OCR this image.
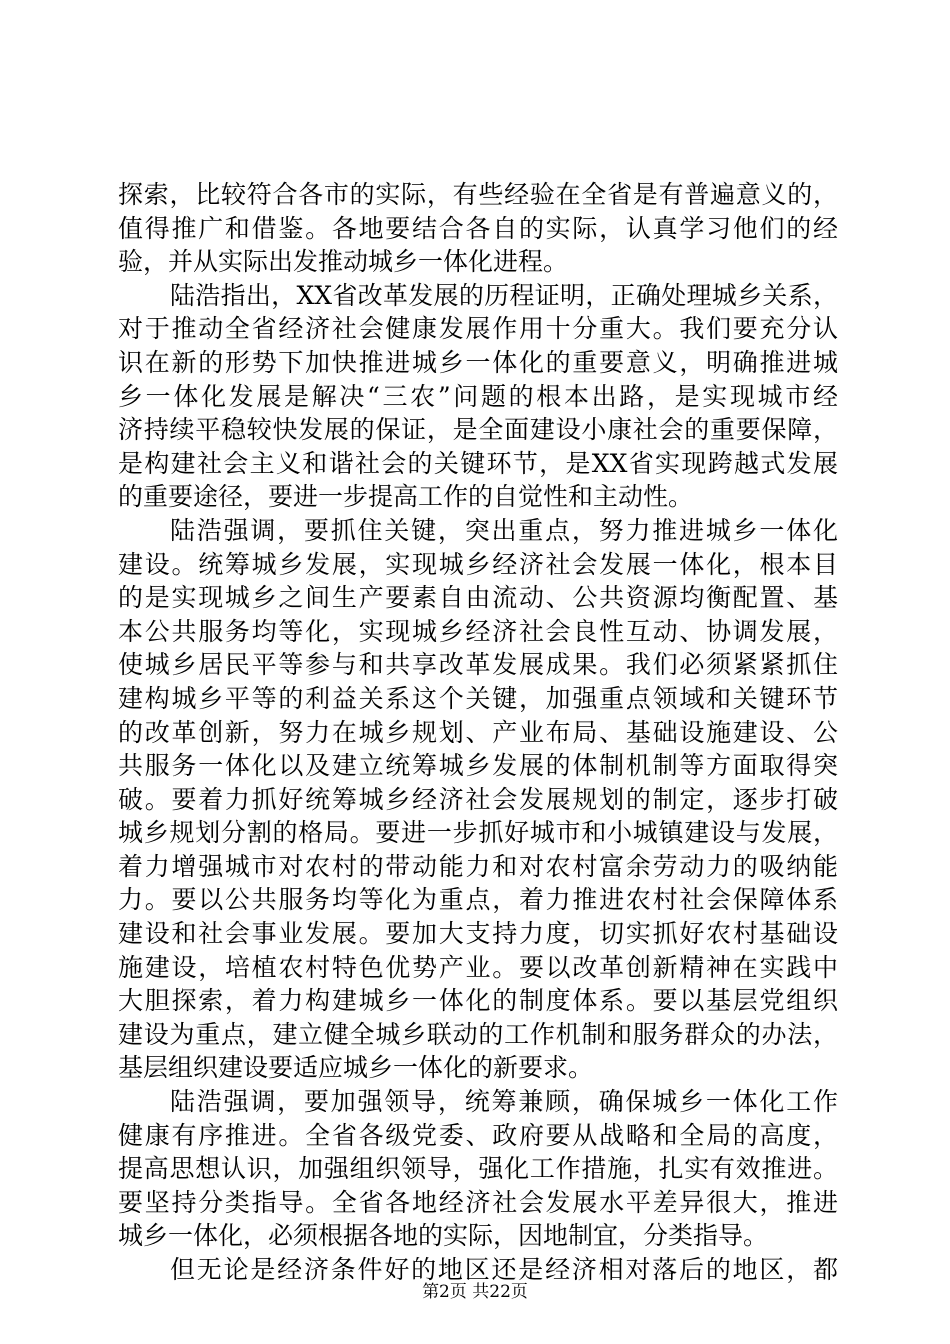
探索，比较符合各市的实际，有些经验在全省是有普遍意义的，
值得推广和借鉴。各地要结合各自的实际，认真学习他们的经
验，并从实际出发推动城乡一体化进程。
陆浩指出，XX省改革发展的历程证明，正确处理城乡关系，
对于推动全省经济社会健康发展作用十分重大。我们要充分认
识在新的形势下加快推进城乡一体化的重要意义，明确推进城
乡一体化发展是解决“三农”问题的根本出路，是实现城市经
济持续平稳较快发展的保证，是全面建设小康社会的重要保障，
是构建社会主义和谐社会的关键环节，是XX省实现跨越式发展
的重要途径，要进一步提高工作的自觉性和主动性。
陆浩强调，要抓住关键，突出重点，努力推进城乡一体化
建设。统筹城乡发展，实现城乡经济社会发展一体化，根本目
的是实现城乡之间生产要素自由流动、公共资源均衡配置、基
本公共服务均等化，实现城乡经济社会良性互动、协调发展，
使城乡居民平等参与和共享改革发展成果。我们必须紧紧抓住
建构城乡平等的利益关系这个关键，加强重点领域和关键环节
的改革创新，努力在城乡规划、产业布局、基础设施建设、公
共服务一体化以及建立统筹城乡发展的体制机制等方面取得突
破。要着力抓好统筹城乡经济社会发展规划的制定，逐步打破
城乡规划分割的格局。要进一步抓好城市和小城镇建设与发展，
着力增强城市对农村的带动能力和对农村富余劳动力的吸纳能
力。要以公共服务均等化为重点，着力推进农村社会保障体系
建设和社会事业发展。要加大支持力度，切实抓好农村基础设
施建设，培植农村特色优势产业。要以改革创新精神在实践中
大胆探索，着力构建城乡一体化的制度体系。要以基层党组织
建设为重点，建立健全城乡联动的工作机制和服务群众的办法，
基层组织建设要适应城乡一体化的新要求。
陆浩强调，要加强领导，统筹兼顾，确保城乡一体化工作
健康有序推进。全省各级党委、政府要从战略和全局的高度，
提高思想认识，加强组织领导，强化工作措施，扎实有效推进。
要坚持分类指导。全省各地经济社会发展水平差异很大，推进
城乡一体化，必须根据各地的实际，因地制宜，分类指导。
但无论是经济条件好的地区还是经济相对落后的地区，都
第2页 共22页
